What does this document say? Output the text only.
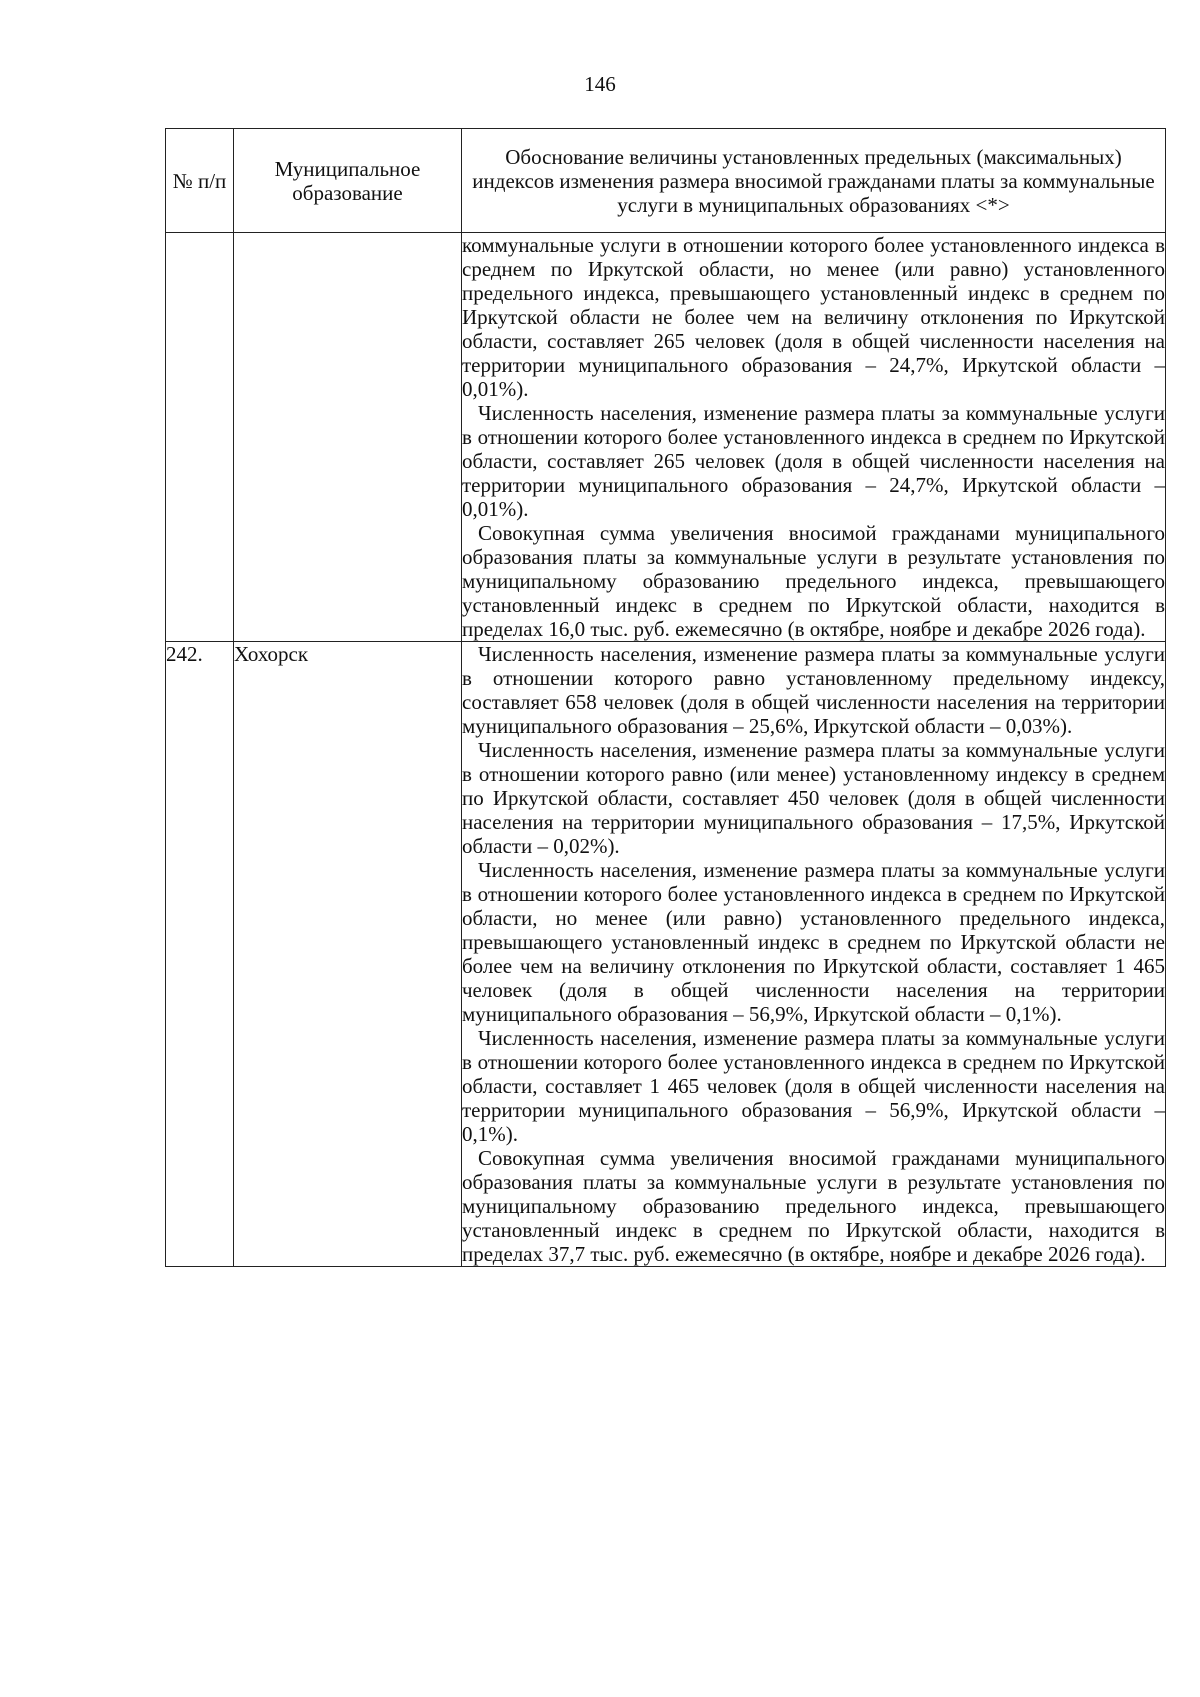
146
№ п/п	Муниципальное образование	Обоснование величины установленных предельных (максимальных) индексов изменения размера вносимой гражданами платы за коммунальные услуги в муниципальных образованиях <*>

		коммунальные услуги в отношении которого более установленного индекса в среднем по Иркутской области, но менее (или равно) установленного предельного индекса, превышающего установленный индекс в среднем по Иркутской области не более чем на величину отклонения по Иркутской области, составляет 265 человек (доля в общей численности населения на территории муниципального образования – 24,7%, Иркутской области – 0,01%).

Численность населения, изменение размера платы за коммунальные услуги в отношении которого более установленного индекса в среднем по Иркутской области, составляет 265 человек (доля в общей численности населения на территории муниципального образования – 24,7%, Иркутской области – 0,01%).

Совокупная сумма увеличения вносимой гражданами муниципального образования платы за коммунальные услуги в результате установления по муниципальному образованию предельного индекса, превышающего установленный индекс в среднем по Иркутской области, находится в пределах 16,0 тыс. руб. ежемесячно (в октябре, ноябре и декабре 2026 года).

242.	Хохорск	Численность населения, изменение размера платы за коммунальные услуги в отношении которого равно установленному предельному индексу, составляет 658 человек (доля в общей численности населения на территории муниципального образования – 25,6%, Иркутской области – 0,03%).

Численность населения, изменение размера платы за коммунальные услуги в отношении которого равно (или менее) установленному индексу в среднем по Иркутской области, составляет 450 человек (доля в общей численности населения на территории муниципального образования – 17,5%, Иркутской области – 0,02%).

Численность населения, изменение размера платы за коммунальные услуги в отношении которого более установленного индекса в среднем по Иркутской области, но менее (или равно) установленного предельного индекса, превышающего установленный индекс в среднем по Иркутской области не более чем на величину отклонения по Иркутской области, составляет 1 465 человек (доля в общей численности населения на территории муниципального образования – 56,9%, Иркутской области – 0,1%).

Численность населения, изменение размера платы за коммунальные услуги в отношении которого более установленного индекса в среднем по Иркутской области, составляет 1 465 человек (доля в общей численности населения на территории муниципального образования – 56,9%, Иркутской области – 0,1%).

Совокупная сумма увеличения вносимой гражданами муниципального образования платы за коммунальные услуги в результате установления по муниципальному образованию предельного индекса, превышающего установленный индекс в среднем по Иркутской области, находится в пределах 37,7 тыс. руб. ежемесячно (в октябре, ноябре и декабре 2026 года).
